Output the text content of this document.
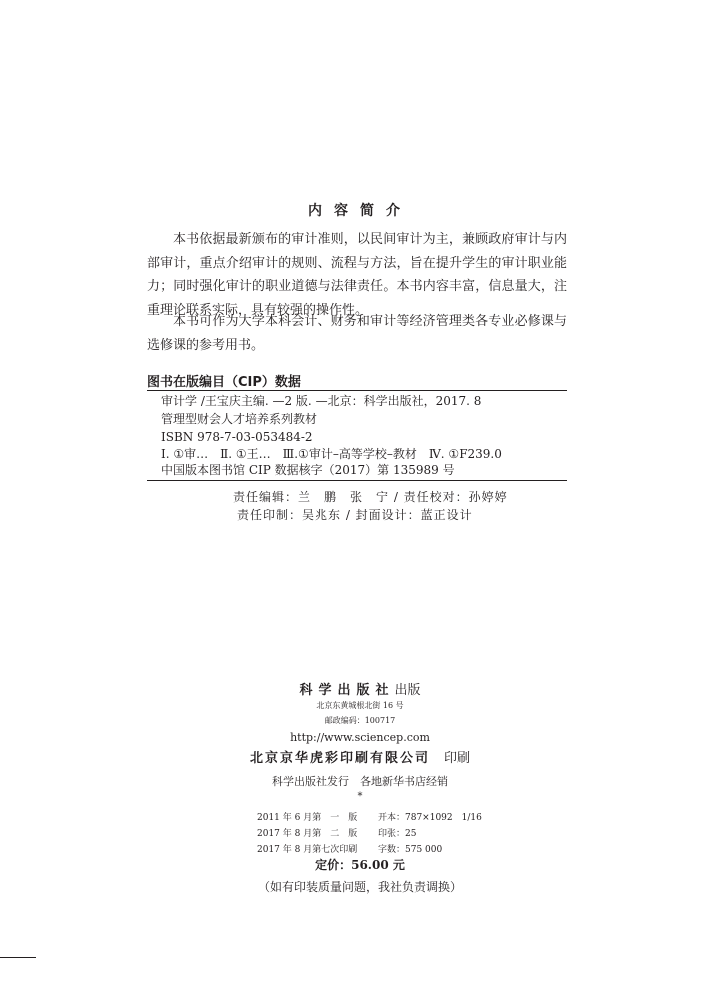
内容简介
本书依据最新颁布的审计准则，以民间审计为主，兼顾政府审计与内部审计，重点介绍审计的规则、流程与方法，旨在提升学生的审计职业能力；同时强化审计的职业道德与法律责任。本书内容丰富，信息量大，注重理论联系实际，具有较强的操作性。
本书可作为大学本科会计、财务和审计等经济管理类各专业必修课与选修课的参考用书。
图书在版编目（CIP）数据
审计学 /王宝庆主编. —2 版. —北京：科学出版社，2017. 8
管理型财会人才培养系列教材
ISBN 978-7-03-053484-2
Ⅰ. ①审…　Ⅱ. ①王…　Ⅲ.①审计–高等学校–教材　Ⅳ. ①F239.0
中国版本图书馆 CIP 数据核字（2017）第 135989 号
责任编辑：兰　鹏　张　宁 / 责任校对：孙婷婷
责任印制：吴兆东 / 封面设计：蓝正设计
科学出版社出版
北京东黄城根北街 16 号
邮政编码：100717
http://www.sciencep.com
北京京华虎彩印刷有限公司 印刷
科学出版社发行　各地新华书店经销
*
2011 年 6 月第　一　版 开本：787×1092　1/16
2017 年 8 月第　二　版 印张：25
2017 年 8 月第七次印刷 字数：575 000
定价：56.00 元
（如有印装质量问题，我社负责调换）
